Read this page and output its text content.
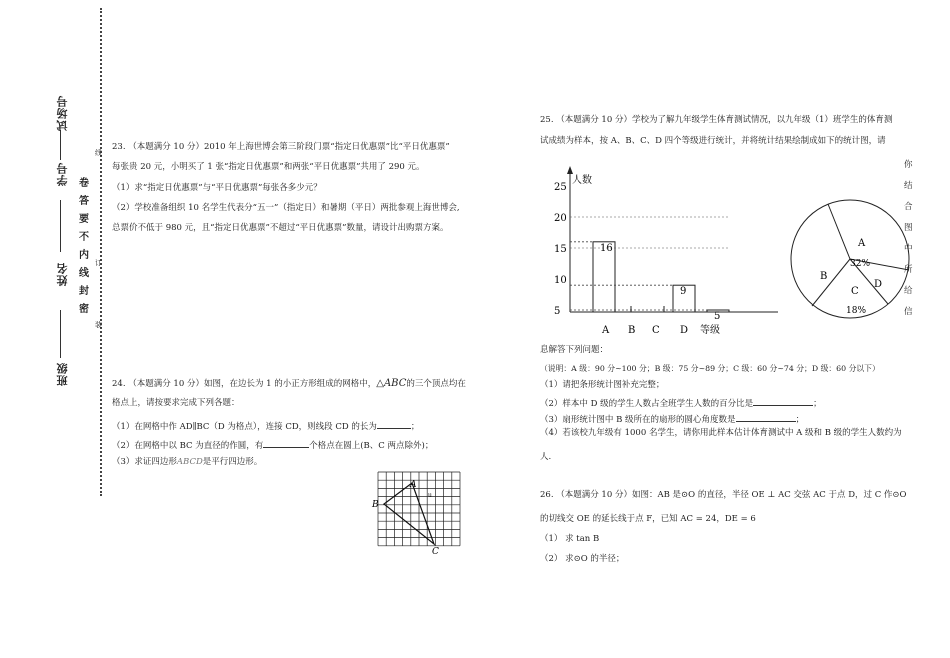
班级
姓名
学号
试场号
密
封
线
内
不
要
答
卷
线
订
装
23. （本题满分 10 分）2010 年上海世博会第三阶段门票“指定日优惠票”比“平日优惠票”
每张贵 20 元，小明买了 1 张“指定日优惠票”和两张“平日优惠票”共用了 290 元。
（1）求“指定日优惠票”与“平日优惠票”每张各多少元？
（2）学校准备组织 10 名学生代表分“五一”（指定日）和暑期（平日）两批参观上海世博会,
总票价不低于 980 元，且“指定日优惠票”不超过“平日优惠票”数量，请设计出购票方案。
24. （本题满分 10 分）如图，在边长为 1 的小正方形组成的网格中，△ABC的三个顶点均在
格点上，请按要求完成下列各题：
（1）在网格中作 AD∥BC（D 为格点），连接 CD，则线段 CD 的长为	；
（2）在网格中以 BC 为直径的作圆，有	个格点在圆上(B、C 两点除外)；
（3）求证四边形ABCD是平行四边形。
A
B
C
u
25. （本题满分 10 分）学校为了解九年级学生体育测试情况，以九年级（1）班学生的体育测
试成绩为样本，按 A、B、C、D 四个等级进行统计，并将统计结果绘制成如下的统计图，请
你
结
合
图
中
所
给
信
人数
5
10
15
20
25
16
9
5
A B C D 等级
A
32%
B
C
18%
D
息解答下列问题：
（说明：A 级：90 分~100 分；B 级：75 分~89 分；C 级：60 分~74 分；D 级：60 分以下）
（1）请把条形统计图补充完整；
（2）样本中 D 级的学生人数占全班学生人数的百分比是	；
（3）扇形统计图中 B 级所在的扇形的圆心角度数是	；
（4）若该校九年级有 1000 名学生，请你用此样本估计体育测试中 A 级和 B 级的学生人数约为
人.
26. （本题满分 10 分）如图：AB 是⊙O 的直径，半径 OE ⊥ AC 交弦 AC 于点 D，过 C 作⊙O
的切线交 OE 的延长线于点 F，已知 AC = 24，DE = 6
（1） 求 tan B
（2） 求⊙O 的半径；
